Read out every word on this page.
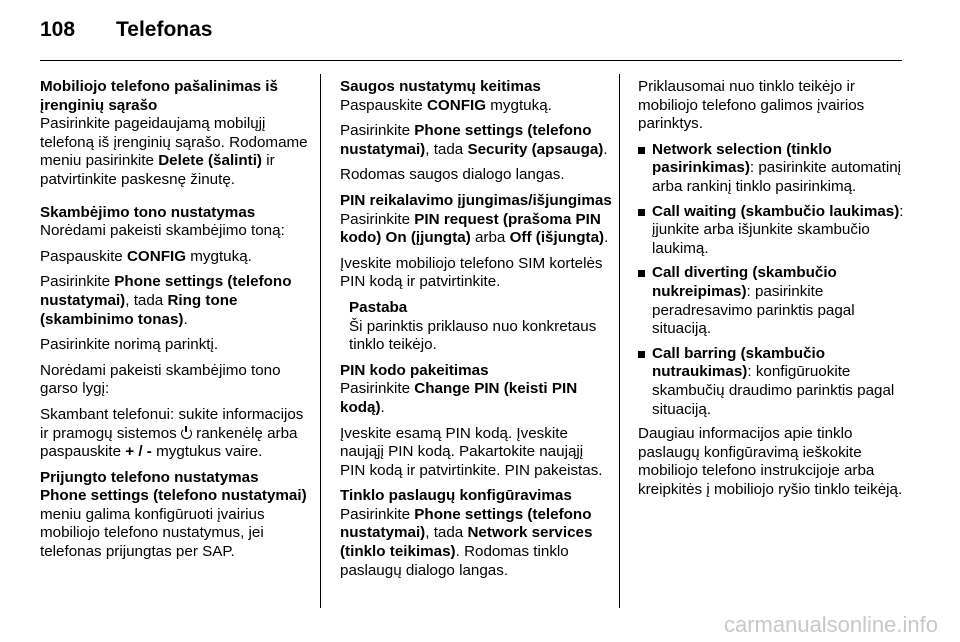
108 Telefonas

Mobiliojo telefono pašalinimas iš
įrenginių sąrašo
Pasirinkite pageidaujamą mobilųjį telefoną iš įrenginių sąrašo. Rodomame meniu pasirinkite Delete (šalinti) ir patvirtinkite paskesnę žinutę.

Skambėjimo tono nustatymas
Norėdami pakeisti skambėjimo toną:

Paspauskite CONFIG mygtuką.

Pasirinkite Phone settings (telefono nustatymai), tada Ring tone (skambinimo tonas).

Pasirinkite norimą parinktį.

Norėdami pakeisti skambėjimo tono garso lygį:

Skambant telefonui: sukite informacijos ir pramogų sistemos  rankenėlę arba paspauskite + / - mygtukus vaire.

Prijungto telefono nustatymas
Phone settings (telefono nustatymai) meniu galima konfigūruoti įvairius mobiliojo telefono nustatymus, jei telefonas prijungtas per SAP.

Saugos nustatymų keitimas
Paspauskite CONFIG mygtuką.

Pasirinkite Phone settings (telefono nustatymai), tada Security (apsauga).

Rodomas saugos dialogo langas.

PIN reikalavimo įjungimas/išjungimas
Pasirinkite PIN request (prašoma PIN kodo) On (įjungta) arba Off (išjungta).

Įveskite mobiliojo telefono SIM kortelės PIN kodą ir patvirtinkite.

Pastaba
Ši parinktis priklauso nuo konkretaus tinklo teikėjo.

PIN kodo pakeitimas
Pasirinkite Change PIN (keisti PIN kodą).

Įveskite esamą PIN kodą. Įveskite naująjį PIN kodą. Pakartokite naująjį PIN kodą ir patvirtinkite. PIN pakeistas.

Tinklo paslaugų konfigūravimas
Pasirinkite Phone settings (telefono nustatymai), tada Network services (tinklo teikimas). Rodomas tinklo paslaugų dialogo langas.

Priklausomai nuo tinklo teikėjo ir mobiliojo telefono galimos įvairios parinktys.

Network selection (tinklo pasirinkimas): pasirinkite automatinį arba rankinį tinklo pasirinkimą.
Call waiting (skambučio laukimas): įjunkite arba išjunkite skambučio laukimą.
Call diverting (skambučio nukreipimas): pasirinkite peradresavimo parinktis pagal situaciją.
Call barring (skambučio nutraukimas): konfigūruokite skambučių draudimo parinktis pagal situaciją.

Daugiau informacijos apie tinklo paslaugų konfigūravimą ieškokite mobiliojo telefono instrukcijoje arba kreipkitės į mobiliojo ryšio tinklo teikėją.

carmanualsonline.info
